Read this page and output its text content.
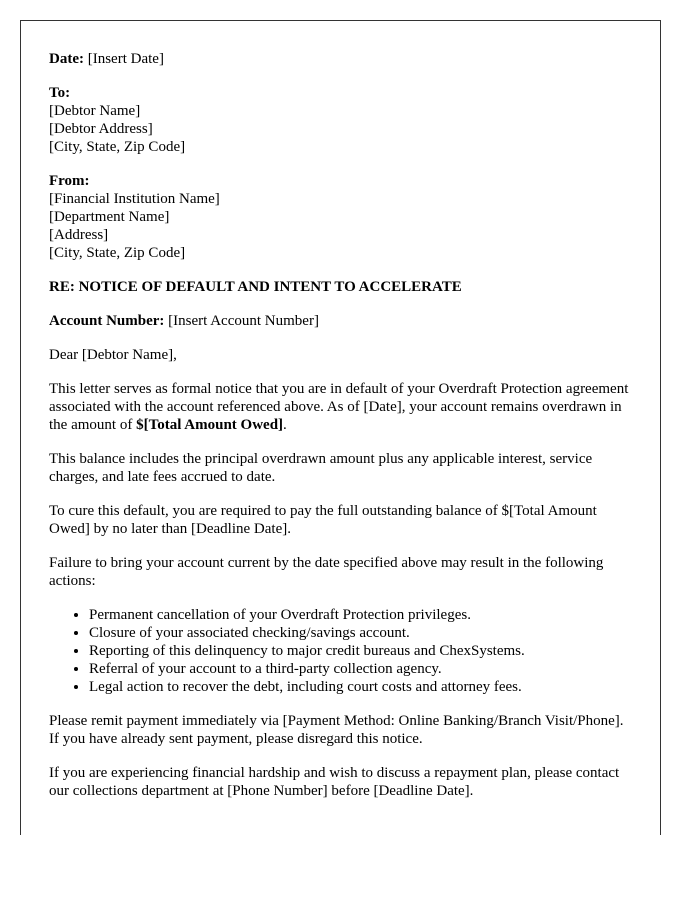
Date: [Insert Date]

To:
[Debtor Name]
[Debtor Address]
[City, State, Zip Code]

From:
[Financial Institution Name]
[Department Name]
[Address]
[City, State, Zip Code]

RE: NOTICE OF DEFAULT AND INTENT TO ACCELERATE

Account Number: [Insert Account Number]

Dear [Debtor Name],

This letter serves as formal notice that you are in default of your Overdraft Protection agreement associated with the account referenced above. As of [Date], your account remains overdrawn in the amount of $[Total Amount Owed].

This balance includes the principal overdrawn amount plus any applicable interest, service charges, and late fees accrued to date.

To cure this default, you are required to pay the full outstanding balance of $[Total Amount Owed] by no later than [Deadline Date].

Failure to bring your account current by the date specified above may result in the following actions:

• Permanent cancellation of your Overdraft Protection privileges.
• Closure of your associated checking/savings account.
• Reporting of this delinquency to major credit bureaus and ChexSystems.
• Referral of your account to a third-party collection agency.
• Legal action to recover the debt, including court costs and attorney fees.

Please remit payment immediately via [Payment Method: Online Banking/Branch Visit/Phone]. If you have already sent payment, please disregard this notice.

If you are experiencing financial hardship and wish to discuss a repayment plan, please contact our collections department at [Phone Number] before [Deadline Date].
